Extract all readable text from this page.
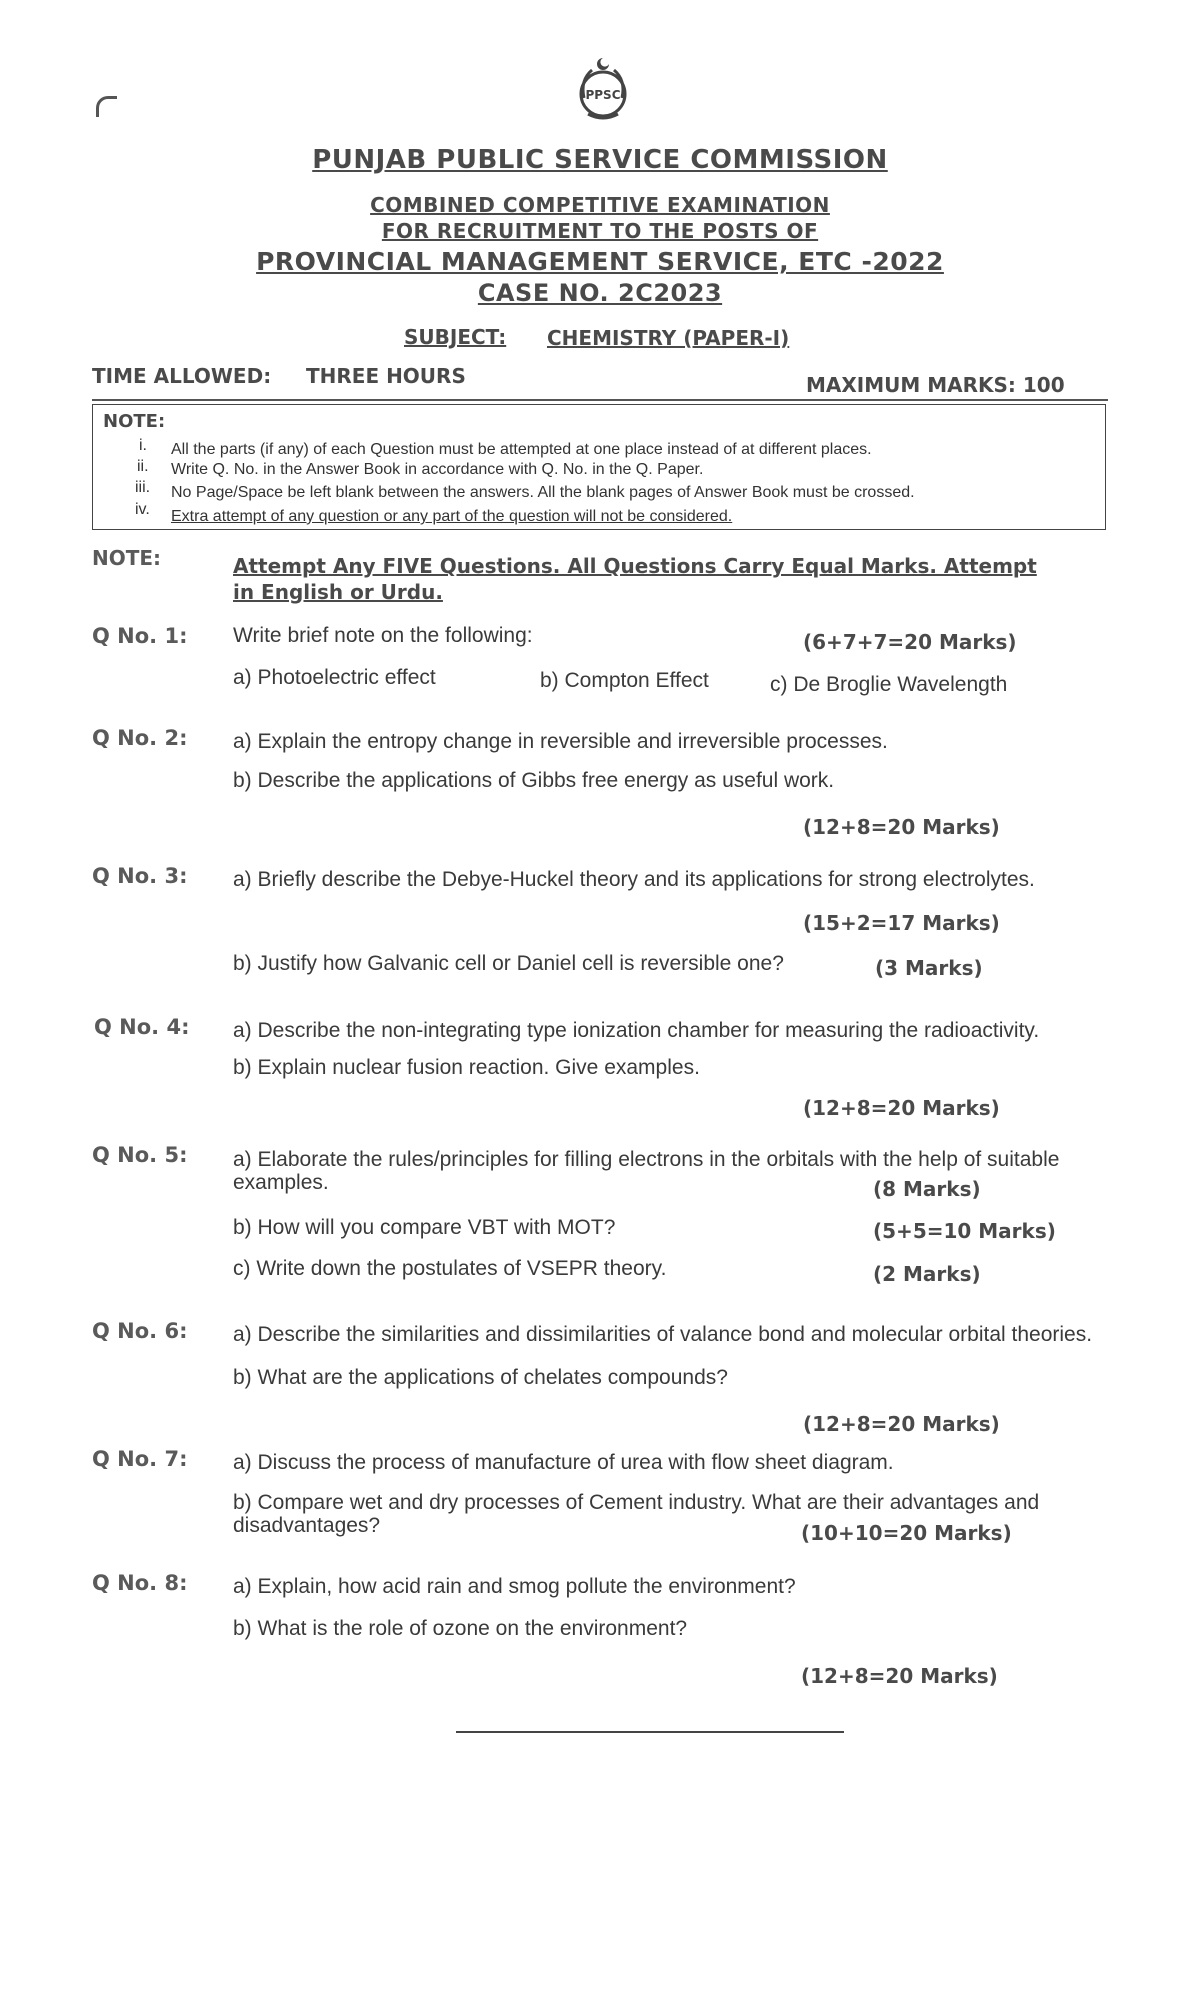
PPSC
PUNJAB PUBLIC SERVICE COMMISSION
COMBINED COMPETITIVE EXAMINATION
FOR RECRUITMENT TO THE POSTS OF
PROVINCIAL MANAGEMENT SERVICE, ETC -2022
CASE NO. 2C2023
SUBJECT: CHEMISTRY (PAPER-I)
TIME ALLOWED: THREE HOURS	MAXIMUM MARKS: 100
NOTE:
i. All the parts (if any) of each Question must be attempted at one place instead of at different places.
ii. Write Q. No. in the Answer Book in accordance with Q. No. in the Q. Paper.
iii. No Page/Space be left blank between the answers. All the blank pages of Answer Book must be crossed.
iv. Extra attempt of any question or any part of the question will not be considered.
NOTE:	Attempt Any FIVE Questions. All Questions Carry Equal Marks. Attempt
in English or Urdu.
Q No. 1: Write brief note on the following:	(6+7+7=20 Marks)
a) Photoelectric effect	b) Compton Effect	c) De Broglie Wavelength
Q No. 2: a) Explain the entropy change in reversible and irreversible processes.
b) Describe the applications of Gibbs free energy as useful work.
(12+8=20 Marks)
Q No. 3: a) Briefly describe the Debye-Huckel theory and its applications for strong electrolytes.
(15+2=17 Marks)
b) Justify how Galvanic cell or Daniel cell is reversible one?	(3 Marks)
Q No. 4: a) Describe the non-integrating type ionization chamber for measuring the radioactivity.
b) Explain nuclear fusion reaction. Give examples.
(12+8=20 Marks)
Q No. 5: a) Elaborate the rules/principles for filling electrons in the orbitals with the help of suitable
examples.	(8 Marks)
b) How will you compare VBT with MOT?	(5+5=10 Marks)
c) Write down the postulates of VSEPR theory.	(2 Marks)
Q No. 6: a) Describe the similarities and dissimilarities of valance bond and molecular orbital theories.
b) What are the applications of chelates compounds?
(12+8=20 Marks)
Q No. 7: a) Discuss the process of manufacture of urea with flow sheet diagram.
b) Compare wet and dry processes of Cement industry. What are their advantages and
disadvantages?	(10+10=20 Marks)
Q No. 8: a) Explain, how acid rain and smog pollute the environment?
b) What is the role of ozone on the environment?
(12+8=20 Marks)
